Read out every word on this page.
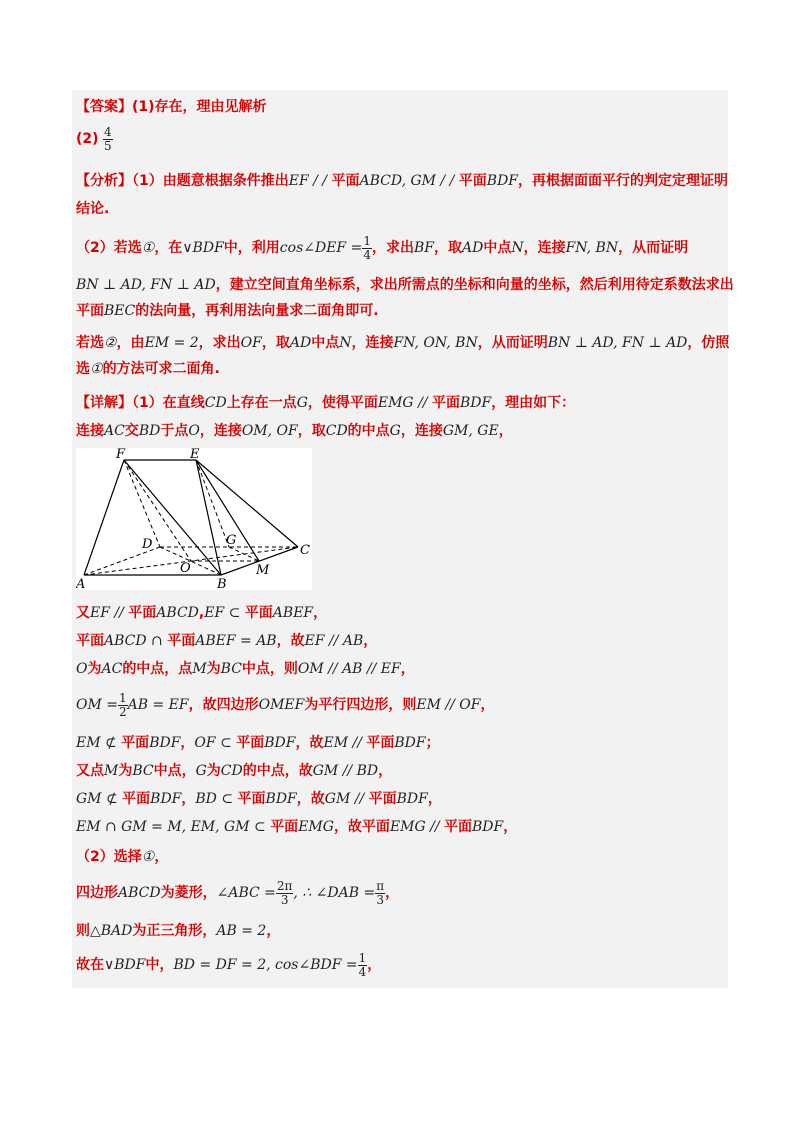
【答案】(1)存在，理由见解析
$(2) \frac{4}{5}$
【分析】（1）由题意根据条件推出EF / / 平面ABCD, GM / / 平面BDF，再根据面面平行的判定定理证明
结论.
（2）若选①，在∨BDF中，利用cos∠DEF = $\frac{1}{4}$ ，求出BF，取AD中点N，连接FN, BN，从而证明
BN ⊥ AD, FN ⊥ AD，建立空间直角坐标系，求出所需点的坐标和向量的坐标，然后利用待定系数法求出
平面BEC的法向量，再利用法向量求二面角即可.
若选②，由EM = 2，求出OF，取AD中点N，连接FN, ON, BN，从而证明BN ⊥ AD, FN ⊥ AD，仿照
选①的方法可求二面角.
【详解】（1）在直线CD上存在一点G，使得平面EMG // 平面BDF，理由如下：
连接AC交BD于点O，连接OM, OF，取CD的中点G，连接GM, GE，
F	E
D	G
C
O	M
A	B
又EF // 平面ABCD,EF ⊂ 平面ABEF，
平面ABCD ∩ 平面ABEF = AB，故EF // AB，
O为AC的中点，点M为BC中点，则OM // AB // EF，
OM = $\frac{1}{2}$ AB = EF，故四边形OMEF为平行四边形，则EM // OF，
EM ⊄ 平面BDF，OF ⊂ 平面BDF，故EM // 平面BDF；
又点M为BC中点，G为CD的中点，故GM // BD，
GM ⊄ 平面BDF，BD ⊂ 平面BDF，故GM // 平面BDF，
EM ∩ GM = M, EM, GM ⊂ 平面EMG，故平面EMG // 平面BDF，
（2）选择①，
四边形ABCD为菱形，∠ABC = $\frac{2\pi}{3}$ , ∴ ∠DAB = $\frac{\pi}{3}$ ，
则△BAD为正三角形，AB = 2，
故在∨BDF中，BD = DF = 2, cos∠BDF = $\frac{1}{4}$ ，
